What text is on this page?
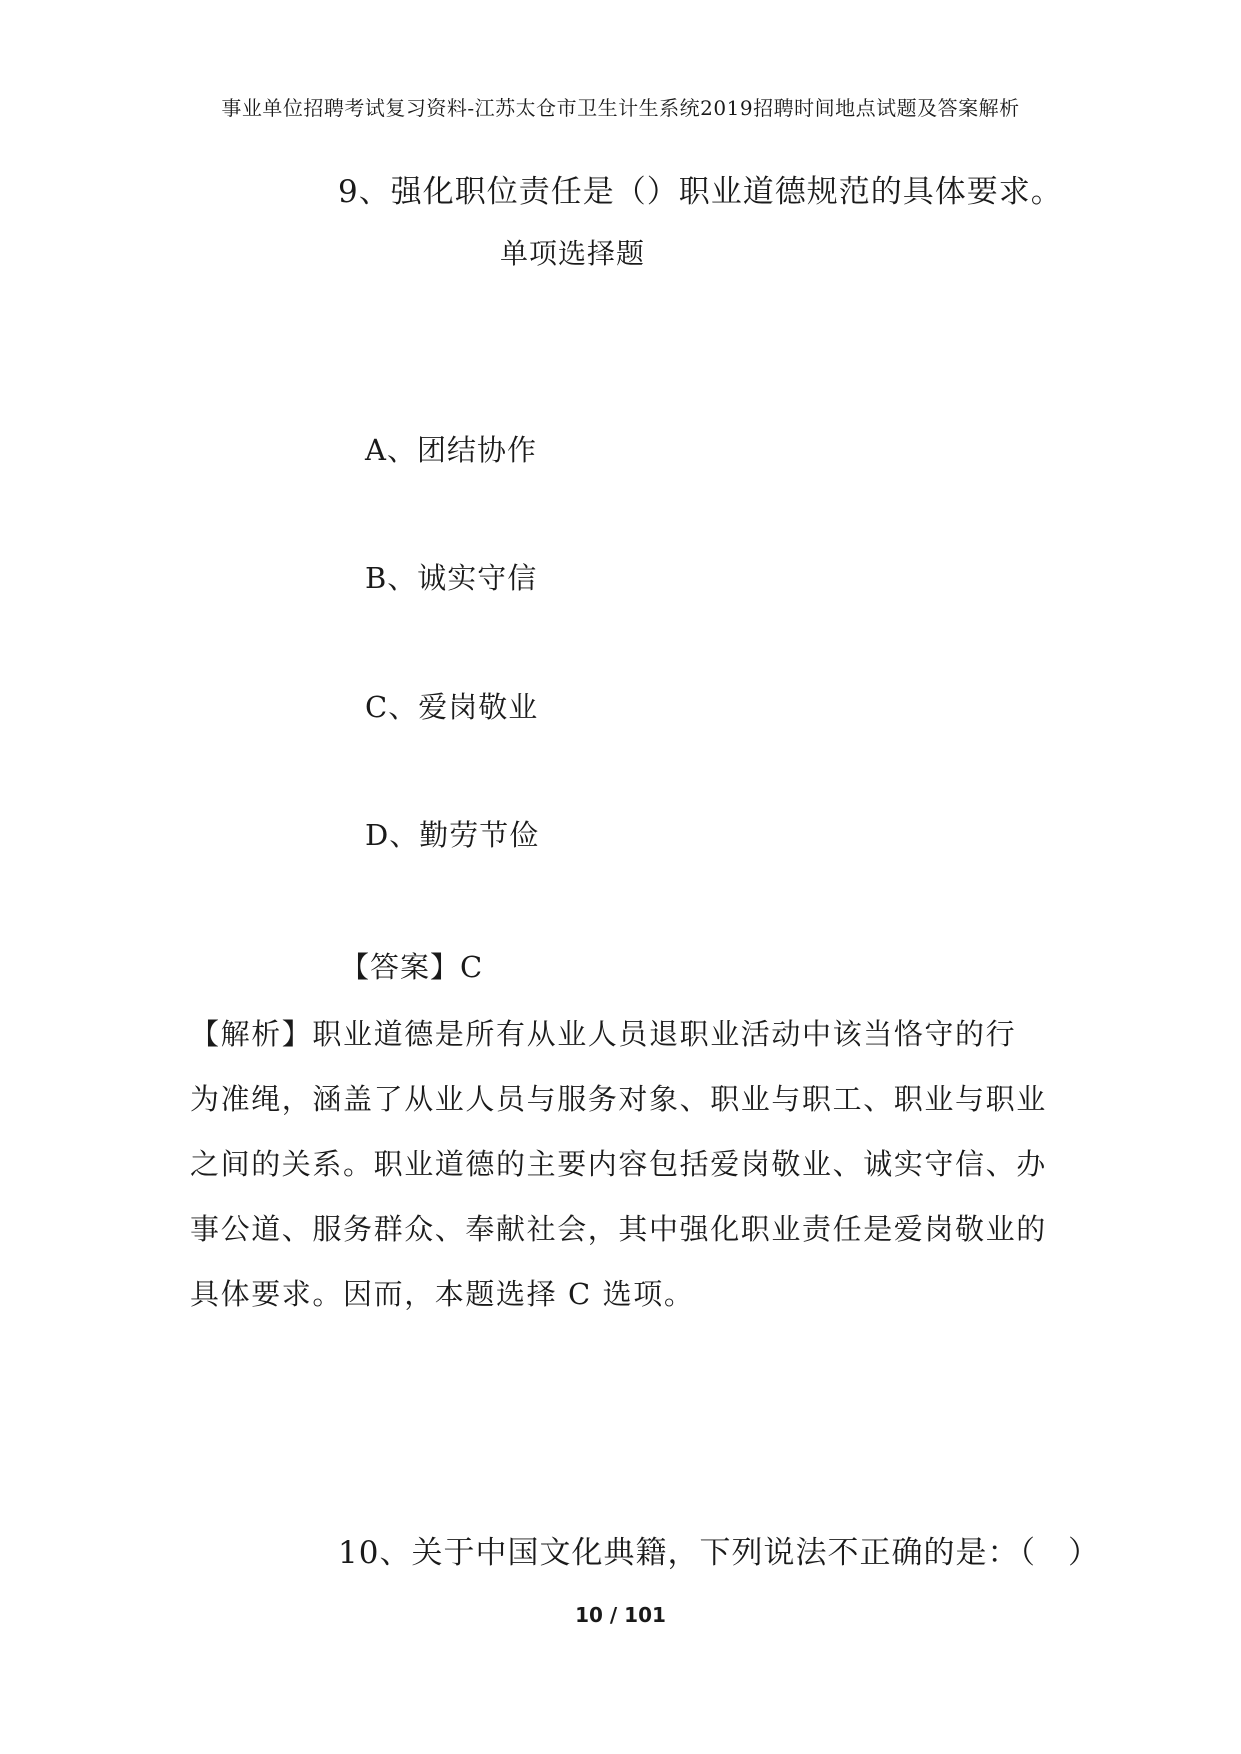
事业单位招聘考试复习资料-江苏太仓市卫生计生系统2019招聘时间地点试题及答案解析
9、强化职位责任是（）职业道德规范的具体要求。
单项选择题
A、团结协作
B、诚实守信
C、爱岗敬业
D、勤劳节俭
【答案】C
【解析】职业道德是所有从业人员退职业活动中该当恪守的行
为准绳，涵盖了从业人员与服务对象、职业与职工、职业与职业
之间的关系。职业道德的主要内容包括爱岗敬业、诚实守信、办
事公道、服务群众、奉献社会，其中强化职业责任是爱岗敬业的
具体要求。因而，本题选择 C 选项。
10、关于中国文化典籍，下列说法不正确的是：（　）
10 / 101
